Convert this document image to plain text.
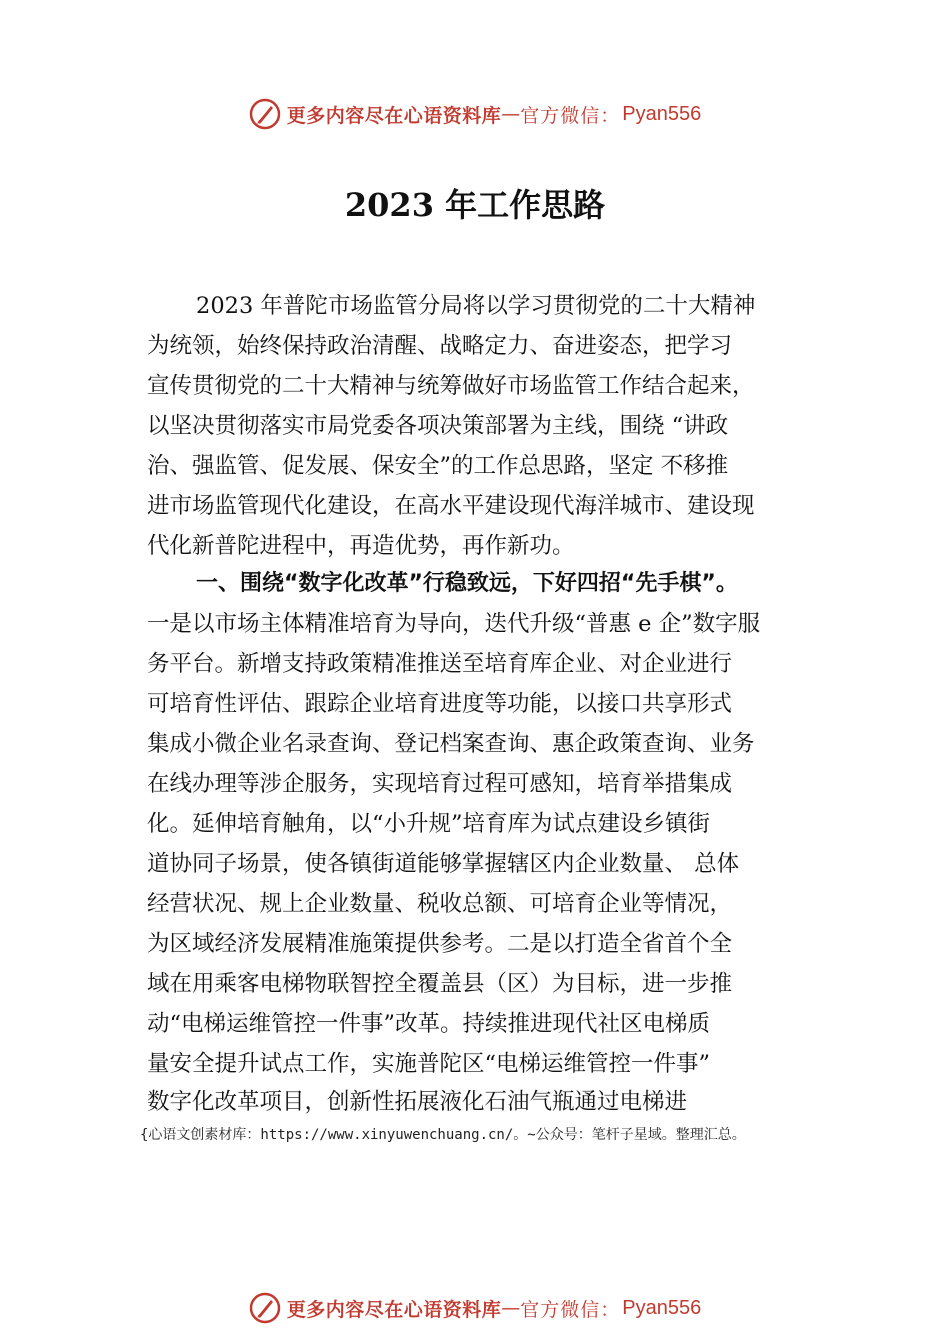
更多内容尽在心语资料库 — 官方微信： Pyan556
2023 年工作思路
2023 年普陀市场监管分局将以学习贯彻党的二十大精神
为统领，始终保持政治清醒、战略定力、奋进姿态，把学习
宣传贯彻党的二十大精神与统筹做好市场监管工作结合起来，
以坚决贯彻落实市局党委各项决策部署为主线，围绕 “讲政
治、强监管、促发展、保安全”的工作总思路，坚定 不移推
进市场监管现代化建设，在高水平建设现代海洋城市、建设现
代化新普陀进程中，再造优势，再作新功。
一、围绕“数字化改革”行稳致远，下好四招“先手棋”。
一是以市场主体精准培育为导向，迭代升级“普惠 e 企”数字服
务平台。新增支持政策精准推送至培育库企业、对企业进行
可培育性评估、跟踪企业培育进度等功能，以接口共享形式
集成小微企业名录查询、登记档案查询、惠企政策查询、业务
在线办理等涉企服务，实现培育过程可感知，培育举措集成
化。延伸培育触角，以“小升规”培育库为试点建设乡镇街
道协同子场景，使各镇街道能够掌握辖区内企业数量、 总体
经营状况、规上企业数量、税收总额、可培育企业等情况，
为区域经济发展精准施策提供参考。二是以打造全省首个全
域在用乘客电梯物联智控全覆盖县（区）为目标，进一步推
动“电梯运维管控一件事”改革。持续推进现代社区电梯质
量安全提升试点工作，实施普陀区“电梯运维管控一件事”
数字化改革项目，创新性拓展液化石油气瓶通过电梯进
{心语文创素材库：https://www.xinyuwenchuang.cn/。~公众号：笔杆子星域。整理汇总。
更多内容尽在心语资料库 — 官方微信： Pyan556
